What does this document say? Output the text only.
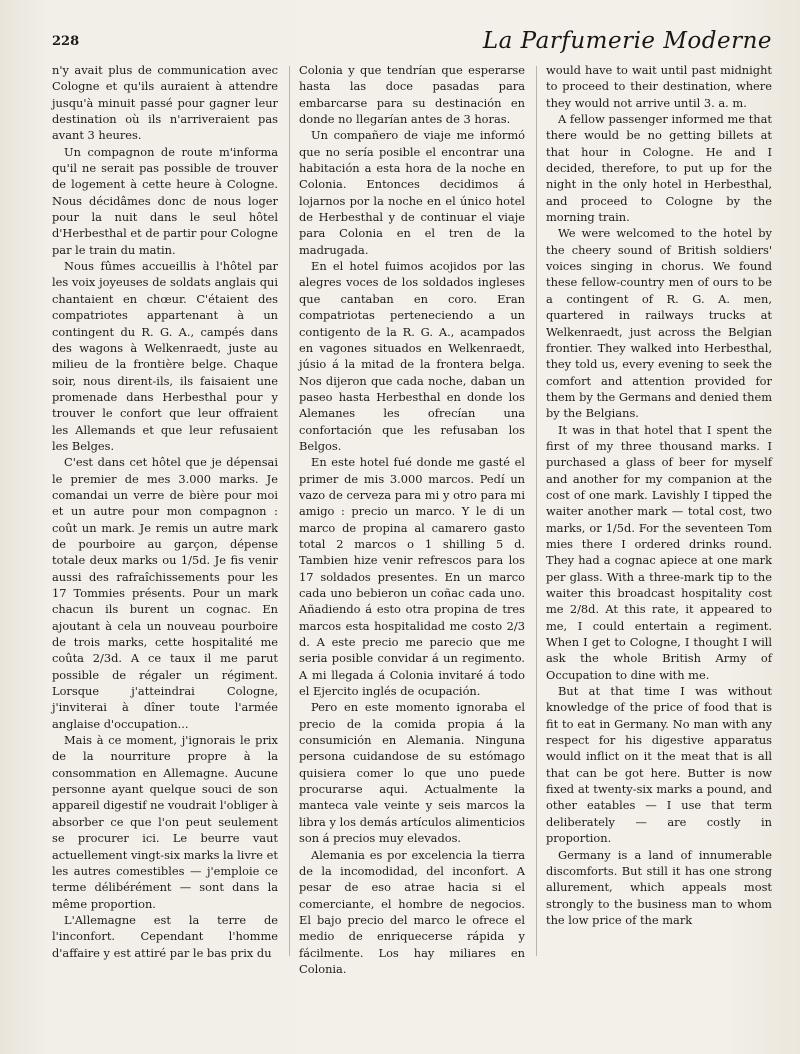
228	La Parfumerie Moderne

n'y avait plus de communication avec Cologne et qu'ils auraient à attendre jusqu'à minuit passé pour gagner leur destination où ils n'arriveraient pas avant 3 heures.

Un compagnon de route m'informa qu'il ne serait pas possible de trouver de logement à cette heure à Cologne. Nous décidâmes donc de nous loger pour la nuit dans le seul hôtel d'Herbesthal et de partir pour Cologne par le train du matin.

Nous fûmes accueillis à l'hôtel par les voix joyeuses de soldats anglais qui chantaient en chœur. C'étaient des compatriotes appartenant à un contingent du R. G. A., campés dans des wagons à Welkenraedt, juste au milieu de la frontière belge. Chaque soir, nous dirent-ils, ils faisaient une promenade dans Herbesthal pour y trouver le confort que leur offraient les Allemands et que leur refusaient les Belges.

C'est dans cet hôtel que je dépensai le premier de mes 3.000 marks. Je comandai un verre de bière pour moi et un autre pour mon compagnon : coût un mark. Je remis un autre mark de pourboire au garçon, dépense totale deux marks ou 1/5d. Je fis venir aussi des rafraîchissements pour les 17 Tommies présents. Pour un mark chacun ils burent un cognac. En ajoutant à cela un nouveau pourboire de trois marks, cette hospitalité me coûta 2/3d. A ce taux il me parut possible de régaler un régiment. Lorsque j'atteindrai Cologne, j'inviterai à dîner toute l'armée anglaise d'occupation...

Mais à ce moment, j'ignorais le prix de la nourriture propre à la consommation en Allemagne. Aucune personne ayant quelque souci de son appareil digestif ne voudrait l'obliger à absorber ce que l'on peut seulement se procurer ici. Le beurre vaut actuellement vingt-six marks la livre et les autres comestibles — j'emploie ce terme délibérément — sont dans la même proportion.

L'Allemagne est la terre de l'inconfort. Cependant l'homme d'affaire y est attiré par le bas prix du

Colonia y que tendrían que esperarse hasta las doce pasadas para embarcarse para su destinación en donde no llegarían antes de 3 horas.

Un compañero de viaje me informó que no sería posible el encontrar una habitación a esta hora de la noche en Colonia. Entonces decidimos á lojarnos por la noche en el único hotel de Herbesthal y de continuar el viaje para Colonia en el tren de la madrugada.

En el hotel fuimos acojidos por las alegres voces de los soldados ingleses que cantaban en coro. Eran compatriotas perteneciendo a un contigento de la R. G. A., acampados en vagones situados en Welkenraedt, júsio á la mitad de la frontera belga. Nos dijeron que cada noche, daban un paseo hasta Herbesthal en donde los Alemanes les ofrecían una confortación que les refusaban los Belgos.

En este hotel fué donde me gasté el primer de mis 3.000 marcos. Pedí un vazo de cerveza para mi y otro para mi amigo : precio un marco. Y le di un marco de propina al camarero gasto total 2 marcos o 1 shilling 5 d. Tambien hize venir refrescos para los 17 soldados presentes. En un marco cada uno bebieron un coñac cada uno. Añadiendo á esto otra propina de tres marcos esta hospitalidad me costo 2/3 d. A este precio me parecio que me seria posible convidar á un regimento. A mi llegada á Colonia invitaré á todo el Ejercito inglés de ocupación.

Pero en este momento ignoraba el precio de la comida propia á la consumición en Alemania. Ninguna persona cuidandose de su estómago quisiera comer lo que uno puede procurarse aqui. Actualmente la manteca vale veinte y seis marcos la libra y los demás artículos alimenticios son á precios muy elevados.

Alemania es por excelencia la tierra de la incomodidad, del inconfort. A pesar de eso atrae hacia si el comerciante, el hombre de negocios. El bajo precio del marco le ofrece el medio de enriquecerse rápida y fácilmente. Los hay miliares en Colonia.

would have to wait until past midnight to proceed to their destination, where they would not arrive until 3. a. m.

A fellow passenger informed me that there would be no getting billets at that hour in Cologne. He and I decided, therefore, to put up for the night in the only hotel in Herbesthal, and proceed to Cologne by the morning train.

We were welcomed to the hotel by the cheery sound of British soldiers' voices singing in chorus. We found these fellow-country men of ours to be a contingent of R. G. A. men, quartered in railways trucks at Welkenraedt, just across the Belgian frontier. They walked into Herbesthal, they told us, every evening to seek the comfort and attention provided for them by the Germans and denied them by the Belgians.

It was in that hotel that I spent the first of my three thousand marks. I purchased a glass of beer for myself and another for my companion at the cost of one mark. Lavishly I tipped the waiter another mark — total cost, two marks, or 1/5d. For the seventeen Tom mies there I ordered drinks round. They had a cognac apiece at one mark per glass. With a three-mark tip to the waiter this broadcast hospitality cost me 2/8d. At this rate, it appeared to me, I could entertain a regiment. When I get to Cologne, I thought I will ask the whole British Army of Occupation to dine with me.

But at that time I was without knowledge of the price of food that is fit to eat in Germany. No man with any respect for his digestive apparatus would inflict on it the meat that is all that can be got here. Butter is now fixed at twenty-six marks a pound, and other eatables — I use that term deliberately — are costly in proportion.

Germany is a land of innumerable discomforts. But still it has one strong allurement, which appeals most strongly to the business man to whom the low price of the mark
